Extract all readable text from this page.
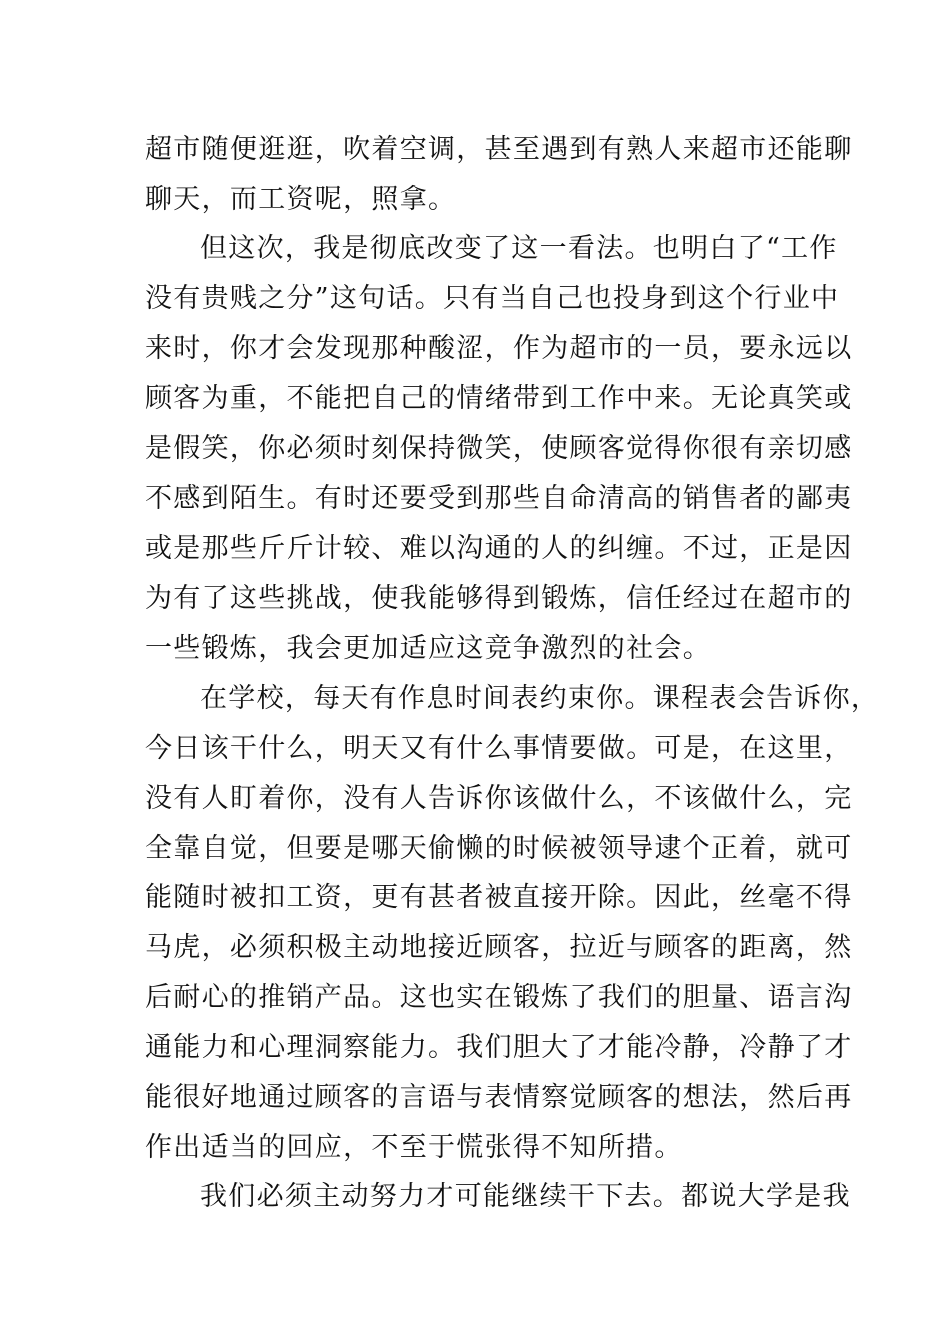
超市随便逛逛，吹着空调，甚至遇到有熟人来超市还能聊
聊天，而工资呢，照拿。
但这次，我是彻底改变了这一看法。也明白了“工作
没有贵贱之分”这句话。只有当自己也投身到这个行业中
来时，你才会发现那种酸涩，作为超市的一员，要永远以
顾客为重，不能把自己的情绪带到工作中来。无论真笑或
是假笑，你必须时刻保持微笑，使顾客觉得你很有亲切感
不感到陌生。有时还要受到那些自命清高的销售者的鄙夷
或是那些斤斤计较、难以沟通的人的纠缠。不过，正是因
为有了这些挑战，使我能够得到锻炼，信任经过在超市的
一些锻炼，我会更加适应这竞争激烈的社会。
在学校，每天有作息时间表约束你。课程表会告诉你，
今日该干什么，明天又有什么事情要做。可是，在这里，
没有人盯着你，没有人告诉你该做什么，不该做什么，完
全靠自觉，但要是哪天偷懒的时候被领导逮个正着，就可
能随时被扣工资，更有甚者被直接开除。因此，丝毫不得
马虎，必须积极主动地接近顾客，拉近与顾客的距离，然
后耐心的推销产品。这也实在锻炼了我们的胆量、语言沟
通能力和心理洞察能力。我们胆大了才能冷静，冷静了才
能很好地通过顾客的言语与表情察觉顾客的想法，然后再
作出适当的回应，不至于慌张得不知所措。
我们必须主动努力才可能继续干下去。都说大学是我
